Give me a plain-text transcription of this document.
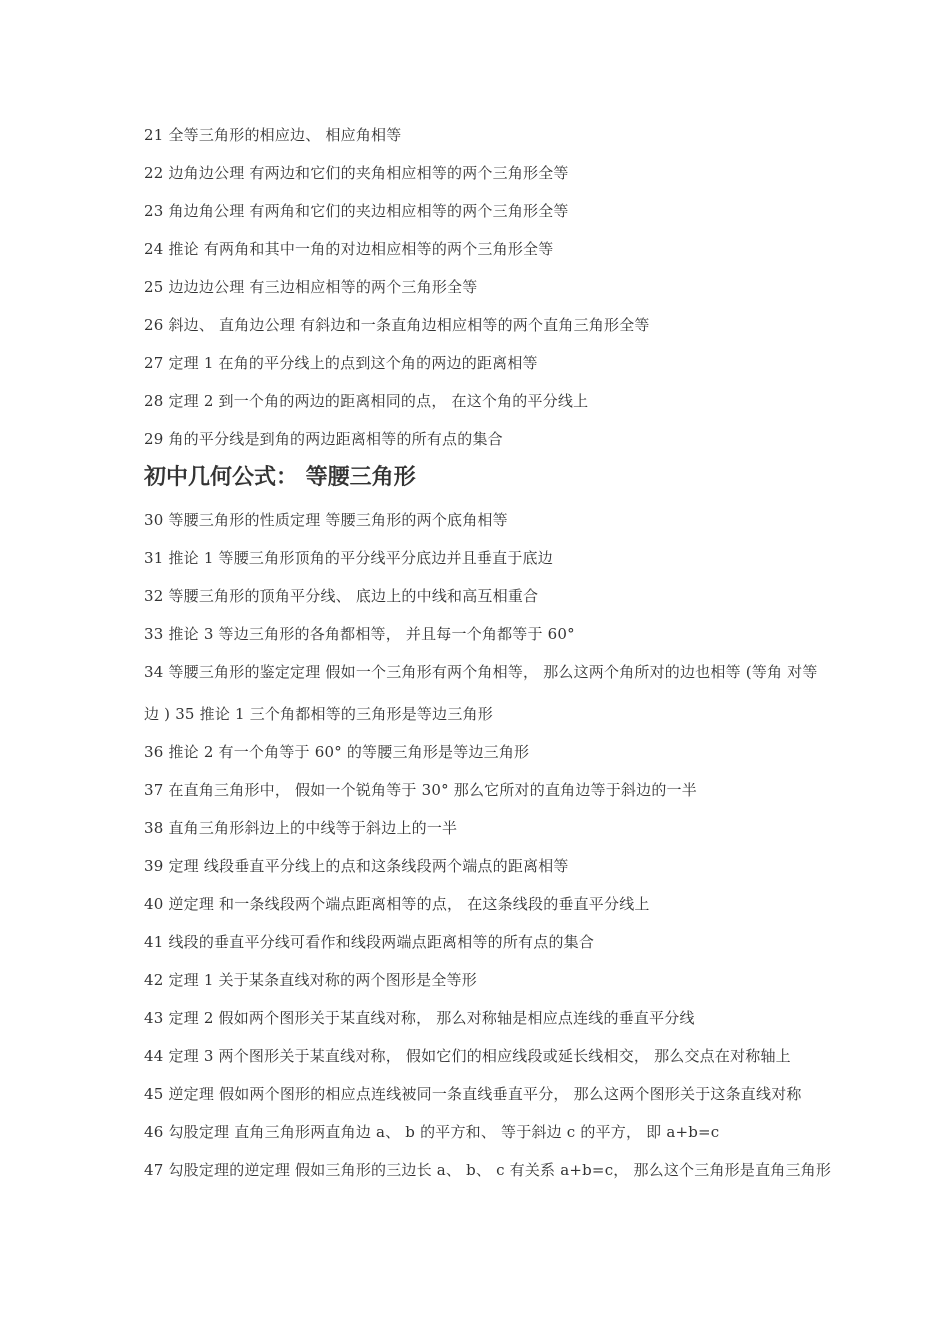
21 全等三角形的相应边、 相应角相等
22 边角边公理 有两边和它们的夹角相应相等的两个三角形全等
23 角边角公理 有两角和它们的夹边相应相等的两个三角形全等
24 推论 有两角和其中一角的对边相应相等的两个三角形全等
25 边边边公理 有三边相应相等的两个三角形全等
26 斜边、 直角边公理 有斜边和一条直角边相应相等的两个直角三角形全等
27 定理 1 在角的平分线上的点到这个角的两边的距离相等
28 定理 2 到一个角的两边的距离相同的点， 在这个角的平分线上
29 角的平分线是到角的两边距离相等的所有点的集合
初中几何公式： 等腰三角形
30 等腰三角形的性质定理 等腰三角形的两个底角相等
31 推论 1 等腰三角形顶角的平分线平分底边并且垂直于底边
32 等腰三角形的顶角平分线、 底边上的中线和高互相重合
33 推论 3 等边三角形的各角都相等， 并且每一个角都等于 60°
34 等腰三角形的鉴定定理 假如一个三角形有两个角相等， 那么这两个角所对的边也相等 (等角 对等
边 ) 35 推论 1 三个角都相等的三角形是等边三角形
36 推论 2 有一个角等于 60° 的等腰三角形是等边三角形
37 在直角三角形中， 假如一个锐角等于 30° 那么它所对的直角边等于斜边的一半
38 直角三角形斜边上的中线等于斜边上的一半
39 定理 线段垂直平分线上的点和这条线段两个端点的距离相等
40 逆定理 和一条线段两个端点距离相等的点， 在这条线段的垂直平分线上
41 线段的垂直平分线可看作和线段两端点距离相等的所有点的集合
42 定理 1 关于某条直线对称的两个图形是全等形
43 定理 2 假如两个图形关于某直线对称， 那么对称轴是相应点连线的垂直平分线
44 定理 3 两个图形关于某直线对称， 假如它们的相应线段或延长线相交， 那么交点在对称轴上
45 逆定理 假如两个图形的相应点连线被同一条直线垂直平分， 那么这两个图形关于这条直线对称
46 勾股定理 直角三角形两直角边 a、 b 的平方和、 等于斜边 c 的平方， 即 a+b=c
47 勾股定理的逆定理 假如三角形的三边长 a、 b、 c 有关系 a+b=c， 那么这个三角形是直角三角形
